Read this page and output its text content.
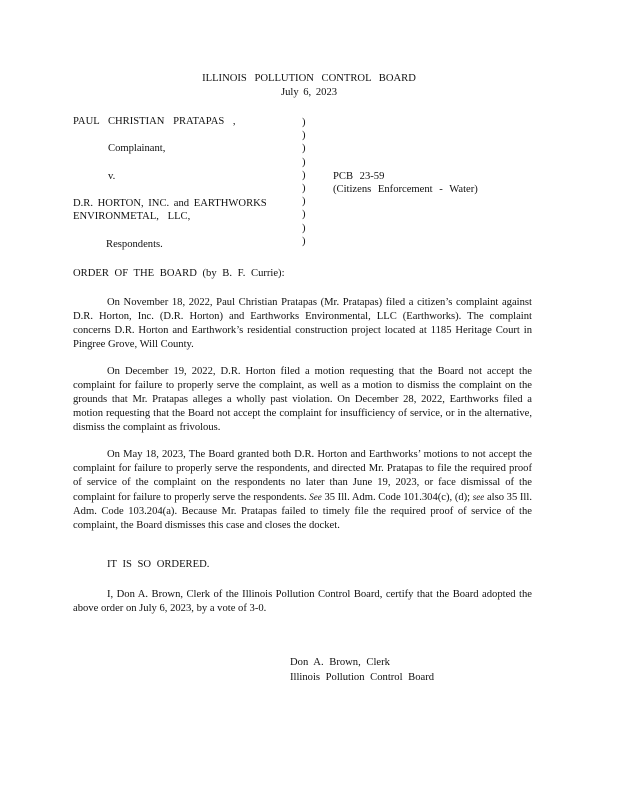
ILLINOIS POLLUTION CONTROL BOARD
July 6, 2023
PAUL CHRISTIAN PRATAPAS ,
Complainant,
v.
D.R. HORTON, INC. and EARTHWORKS
ENVIRONMETAL, LLC,
Respondents.
)
)
)
)
)
)
)
)
)
)
PCB 23-59
(Citizens Enforcement - Water)
ORDER OF THE BOARD (by B. F. Currie):
On November 18, 2022, Paul Christian Pratapas (Mr. Pratapas) filed a citizen’s complaint against D.R. Horton, Inc. (D.R. Horton) and Earthworks Environmental, LLC (Earthworks). The complaint concerns D.R. Horton and Earthwork’s residential construction project located at 1185 Heritage Court in Pingree Grove, Will County.
On December 19, 2022, D.R. Horton filed a motion requesting that the Board not accept the complaint for failure to properly serve the complaint, as well as a motion to dismiss the complaint on the grounds that Mr. Pratapas alleges a wholly past violation. On December 28, 2022, Earthworks filed a motion requesting that the Board not accept the complaint for insufficiency of service, or in the alternative, dismiss the complaint as frivolous.
On May 18, 2023, The Board granted both D.R. Horton and Earthworks’ motions to not accept the complaint for failure to properly serve the respondents, and directed Mr. Pratapas to file the required proof of service of the complaint on the respondents no later than June 19, 2023, or face dismissal of the complaint for failure to properly serve the respondents. See 35 Ill. Adm. Code 101.304(c), (d); see also 35 Ill. Adm. Code 103.204(a). Because Mr. Pratapas failed to timely file the required proof of service of the complaint, the Board dismisses this case and closes the docket.
IT IS SO ORDERED.
I, Don A. Brown, Clerk of the Illinois Pollution Control Board, certify that the Board adopted the above order on July 6, 2023, by a vote of 3-0.
Don A. Brown, Clerk
Illinois Pollution Control Board
